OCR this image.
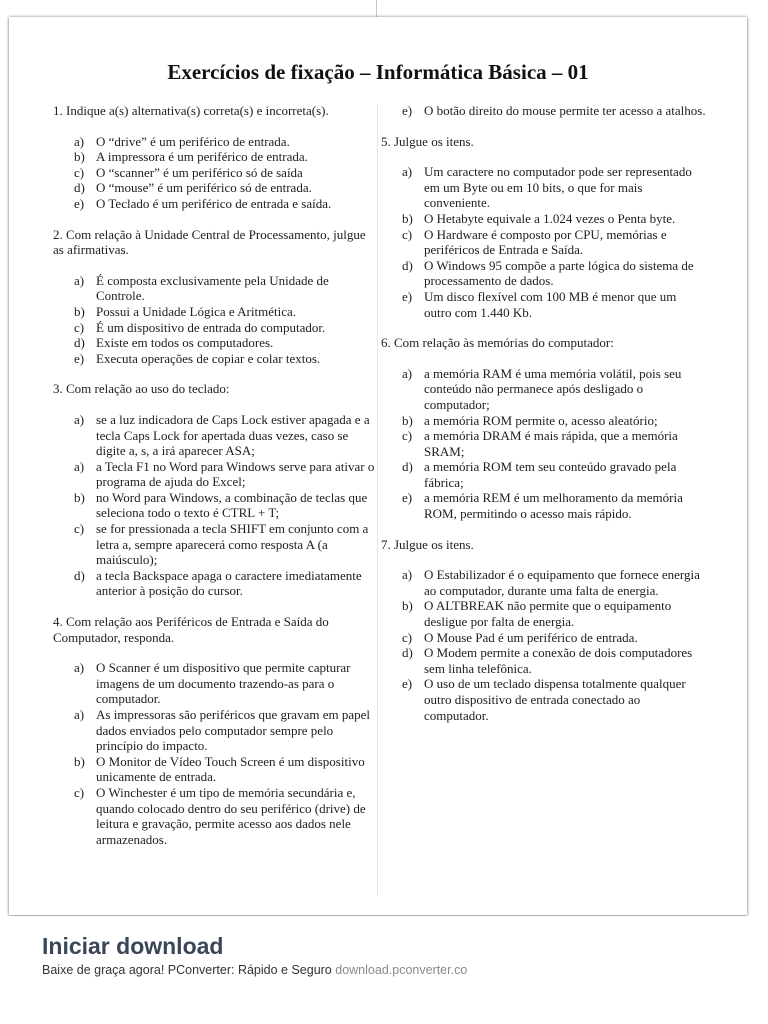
Exercícios de fixação – Informática Básica – 01
1. Indique a(s) alternativa(s) correta(s) e incorreta(s).
a) O “drive” é um periférico de entrada.
b) A impressora é um periférico de entrada.
c) O “scanner” é um periférico só de saída
d) O “mouse” é um periférico só de entrada.
e) O Teclado é um periférico de entrada e saída.
2. Com relação à Unidade Central de Processamento, julgue as afirmativas.
a) É composta exclusivamente pela Unidade de Controle.
b) Possui a Unidade Lógica e Aritmética.
c) É um dispositivo de entrada do computador.
d) Existe em todos os computadores.
e) Executa operações de copiar e colar textos.
3. Com relação ao uso do teclado:
a) se a luz indicadora de Caps Lock estiver apagada e a tecla Caps Lock for apertada duas vezes, caso se digite a, s, a irá aparecer ASA;
a) a Tecla F1 no Word para Windows serve para ativar o programa de ajuda do Excel;
b) no Word para Windows, a combinação de teclas que seleciona todo o texto é CTRL + T;
c) se for pressionada a tecla SHIFT em conjunto com a letra a, sempre aparecerá como resposta A (a maiúsculo);
d) a tecla Backspace apaga o caractere imediatamente anterior à posição do cursor.
4. Com relação aos Periféricos de Entrada e Saída do Computador, responda.
a) O Scanner é um dispositivo que permite capturar imagens de um documento trazendo-as para o computador.
a) As impressoras são periféricos que gravam em papel dados enviados pelo computador sempre pelo princípio do impacto.
b) O Monitor de Vídeo Touch Screen é um dispositivo unicamente de entrada.
c) O Winchester é um tipo de memória secundária e, quando colocado dentro do seu periférico (drive) de leitura e gravação, permite acesso aos dados nele armazenados.
e) O botão direito do mouse permite ter acesso a atalhos.
5. Julgue os itens.
a) Um caractere no computador pode ser representado em um Byte ou em 10 bits, o que for mais conveniente.
b) O Hetabyte equivale a 1.024 vezes o Penta byte.
c) O Hardware é composto por CPU, memórias e periféricos de Entrada e Saída.
d) O Windows 95 compõe a parte lógica do sistema de processamento de dados.
e) Um disco flexível com 100 MB é menor que um outro com 1.440 Kb.
6. Com relação às memórias do computador:
a) a memória RAM é uma memória volátil, pois seu conteúdo não permanece após desligado o computador;
b) a memória ROM permite o, acesso aleatório;
c) a memória DRAM é mais rápida, que a memória SRAM;
d) a memória ROM tem seu conteúdo gravado pela fábrica;
e) a memória REM é um melhoramento da memória ROM, permitindo o acesso mais rápido.
7. Julgue os itens.
a) O Estabilizador é o equipamento que fornece energia ao computador, durante uma falta de energia.
b) O ALTBREAK não permite que o equipamento desligue por falta de energia.
c) O Mouse Pad é um periférico de entrada.
d) O Modem permite a conexão de dois computadores sem linha telefônica.
e) O uso de um teclado dispensa totalmente qualquer outro dispositivo de entrada conectado ao computador.
Iniciar download
Baixe de graça agora! PConverter: Rápido e Seguro download.pconverter.co
